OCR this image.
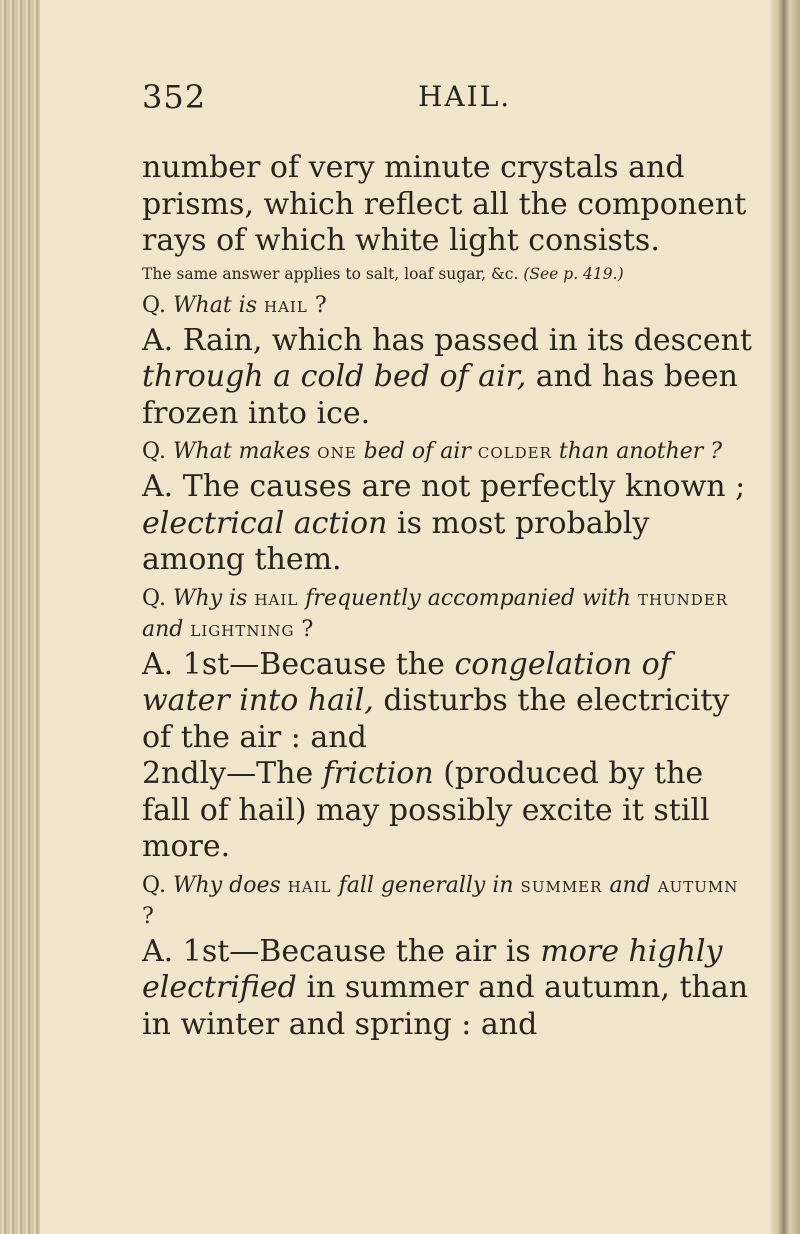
352	HAIL.

number of very minute crystals and prisms, which reflect all the component rays of which white light consists.

The same answer applies to salt, loaf sugar, &c. (See p. 419.)

Q. What is hail ?

A. Rain, which has passed in its descent through a cold bed of air, and has been frozen into ice.

Q. What makes one bed of air colder than another ?

A. The causes are not perfectly known ; electrical action is most probably among them.

Q. Why is hail frequently accompanied with thunder and lightning ?

A. 1st—Because the congelation of water into hail, disturbs the electricity of the air : and

2ndly—The friction (produced by the fall of hail) may possibly excite it still more.

Q. Why does hail fall generally in summer and autumn ?

A. 1st—Because the air is more highly electrified in summer and autumn, than in winter and spring : and
